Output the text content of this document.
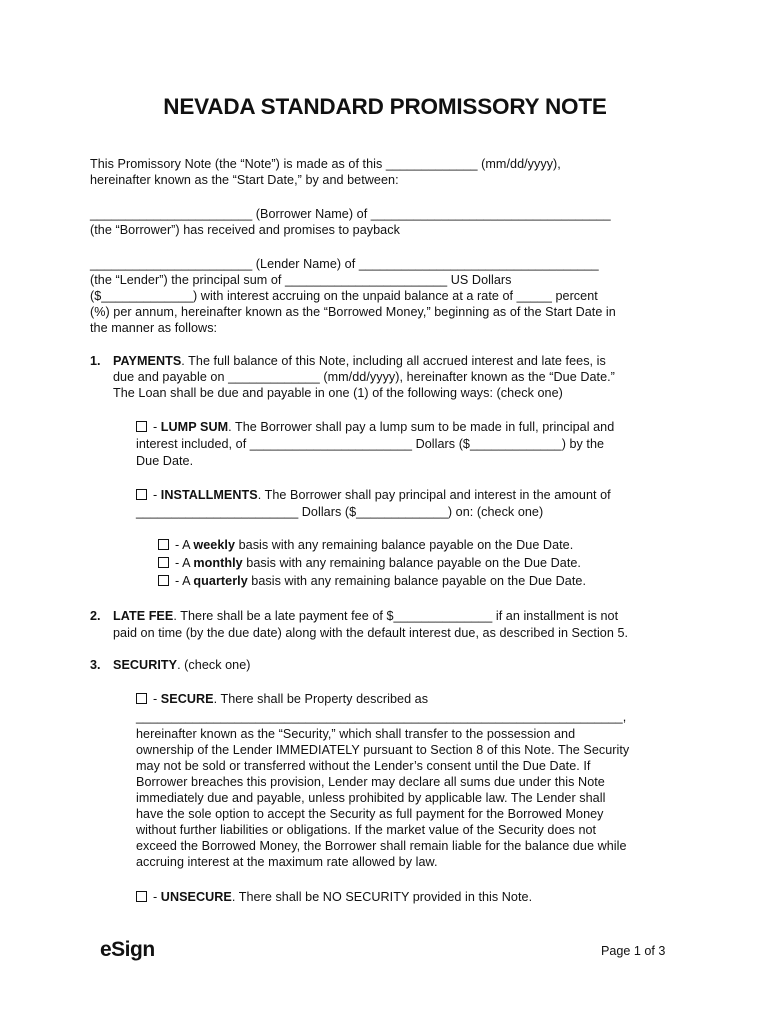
NEVADA STANDARD PROMISSORY NOTE
This Promissory Note (the “Note”) is made as of this _____________ (mm/dd/yyyy),
hereinafter known as the “Start Date,” by and between:
_______________________ (Borrower Name) of __________________________________
(the “Borrower”) has received and promises to payback
_______________________ (Lender Name) of __________________________________
(the “Lender”) the principal sum of _______________________ US Dollars
($_____________) with interest accruing on the unpaid balance at a rate of _____ percent
(%) per annum, hereinafter known as the “Borrowed Money,” beginning as of the Start Date in
the manner as follows:
1. PAYMENTS. The full balance of this Note, including all accrued interest and late fees, is
due and payable on _____________ (mm/dd/yyyy), hereinafter known as the “Due Date.”
The Loan shall be due and payable in one (1) of the following ways: (check one)
- LUMP SUM. The Borrower shall pay a lump sum to be made in full, principal and
interest included, of _______________________ Dollars ($_____________) by the
Due Date.
- INSTALLMENTS. The Borrower shall pay principal and interest in the amount of
_______________________ Dollars ($_____________) on: (check one)
- A weekly basis with any remaining balance payable on the Due Date.
- A monthly basis with any remaining balance payable on the Due Date.
- A quarterly basis with any remaining balance payable on the Due Date.
2. LATE FEE. There shall be a late payment fee of $______________ if an installment is not
paid on time (by the due date) along with the default interest due, as described in Section 5.
3. SECURITY. (check one)
- SECURE. There shall be Property described as
_____________________________________________________________________,
hereinafter known as the “Security,” which shall transfer to the possession and
ownership of the Lender IMMEDIATELY pursuant to Section 8 of this Note. The Security
may not be sold or transferred without the Lender’s consent until the Due Date. If
Borrower breaches this provision, Lender may declare all sums due under this Note
immediately due and payable, unless prohibited by applicable law. The Lender shall
have the sole option to accept the Security as full payment for the Borrowed Money
without further liabilities or obligations. If the market value of the Security does not
exceed the Borrowed Money, the Borrower shall remain liable for the balance due while
accruing interest at the maximum rate allowed by law.
- UNSECURE. There shall be NO SECURITY provided in this Note.
eSign	Page 1 of 3
